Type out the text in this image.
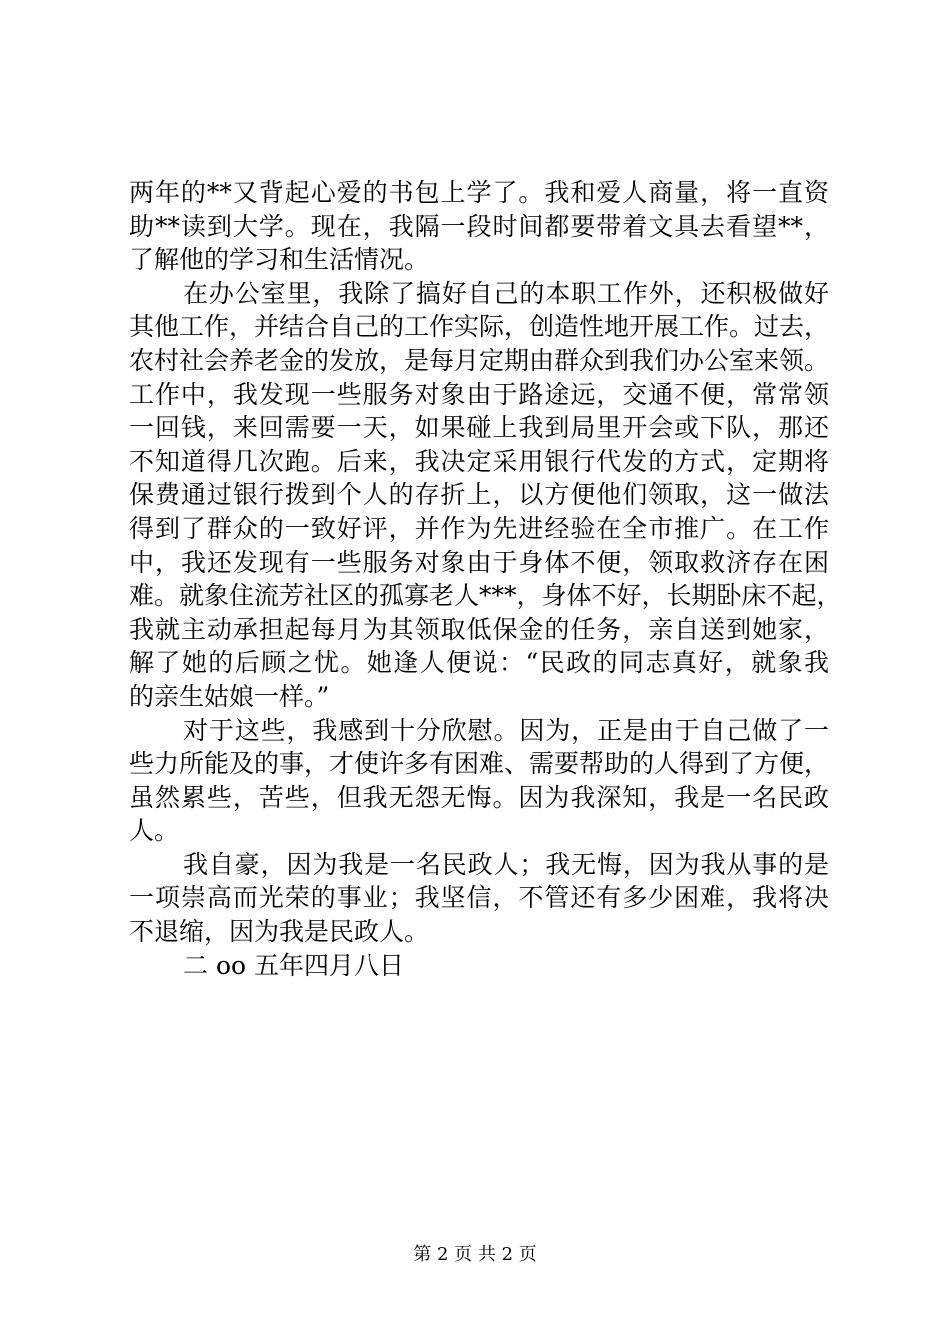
两年的**又背起心爱的书包上学了。我和爱人商量，将一直资
助**读到大学。现在，我隔一段时间都要带着文具去看望**，
了解他的学习和生活情况。
在办公室里，我除了搞好自己的本职工作外，还积极做好
其他工作，并结合自己的工作实际，创造性地开展工作。过去，
农村社会养老金的发放，是每月定期由群众到我们办公室来领。
工作中，我发现一些服务对象由于路途远，交通不便，常常领
一回钱，来回需要一天，如果碰上我到局里开会或下队，那还
不知道得几次跑。后来，我决定采用银行代发的方式，定期将
保费通过银行拨到个人的存折上，以方便他们领取，这一做法
得到了群众的一致好评，并作为先进经验在全市推广。在工作
中，我还发现有一些服务对象由于身体不便，领取救济存在困
难。就象住流芳社区的孤寡老人***，身体不好，长期卧床不起，
我就主动承担起每月为其领取低保金的任务，亲自送到她家，
解了她的后顾之忧。她逢人便说：“民政的同志真好，就象我
的亲生姑娘一样。”
对于这些，我感到十分欣慰。因为，正是由于自己做了一
些力所能及的事，才使许多有困难、需要帮助的人得到了方便，
虽然累些，苦些，但我无怨无悔。因为我深知，我是一名民政
人。
我自豪，因为我是一名民政人；我无悔，因为我从事的是
一项崇高而光荣的事业；我坚信，不管还有多少困难，我将决
不退缩，因为我是民政人。
二 oo 五年四月八日
第 2 页 共 2 页
